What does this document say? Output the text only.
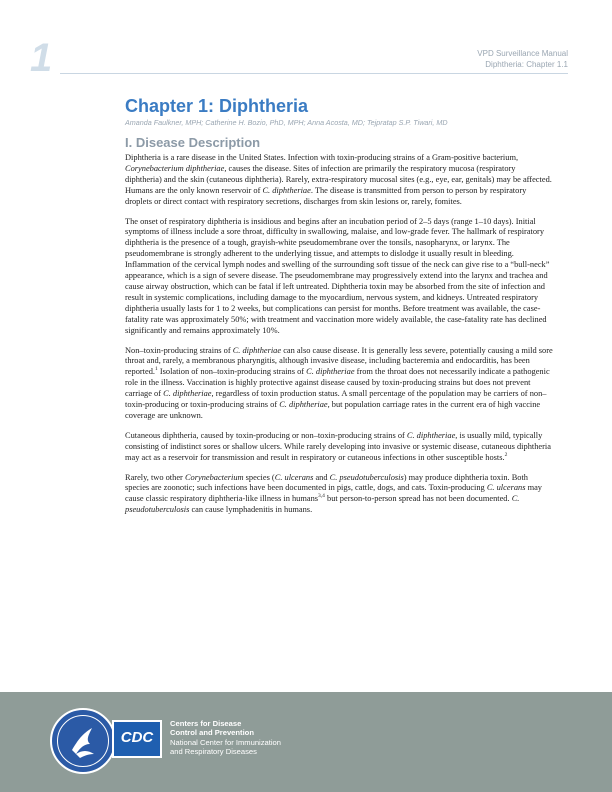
1	VPD Surveillance Manual
Diphtheria: Chapter 1.1
Chapter 1: Diphtheria
Amanda Faulkner, MPH; Catherine H. Bozio, PhD, MPH; Anna Acosta, MD; Tejpratap S.P. Tiwari, MD
I. Disease Description

Diphtheria is a rare disease in the United States. Infection with toxin-producing strains of a Gram-positive bacterium, Corynebacterium diphtheriae, causes the disease. Sites of infection are primarily the respiratory mucosa (respiratory diphtheria) and the skin (cutaneous diphtheria). Rarely, extra-respiratory mucosal sites (e.g., eye, ear, genitals) may be affected. Humans are the only known reservoir of C. diphtheriae. The disease is transmitted from person to person by respiratory droplets or direct contact with respiratory secretions, discharges from skin lesions or, rarely, fomites.

The onset of respiratory diphtheria is insidious and begins after an incubation period of 2–5 days (range 1–10 days). Initial symptoms of illness include a sore throat, difficulty in swallowing, malaise, and low-grade fever. The hallmark of respiratory diphtheria is the presence of a tough, grayish-white pseudomembrane over the tonsils, nasopharynx, or larynx. The pseudomembrane is strongly adherent to the underlying tissue, and attempts to dislodge it usually result in bleeding. Inflammation of the cervical lymph nodes and swelling of the surrounding soft tissue of the neck can give rise to a “bull-neck” appearance, which is a sign of severe disease. The pseudomembrane may progressively extend into the larynx and trachea and cause airway obstruction, which can be fatal if left untreated. Diphtheria toxin may be absorbed from the site of infection and result in systemic complications, including damage to the myocardium, nervous system, and kidneys. Untreated respiratory diphtheria usually lasts for 1 to 2 weeks, but complications can persist for months. Before treatment was available, the case-fatality rate was approximately 50%; with treatment and vaccination more widely available, the case-fatality rate has declined significantly and remains approximately 10%.

Non–toxin-producing strains of C. diphtheriae can also cause disease. It is generally less severe, potentially causing a mild sore throat and, rarely, a membranous pharyngitis, although invasive disease, including bacteremia and endocarditis, has been reported.$^1$ Isolation of non–toxin-producing strains of C. diphtheriae from the throat does not necessarily indicate a pathogenic role in the illness. Vaccination is highly protective against disease caused by toxin-producing strains but does not prevent carriage of C. diphtheriae, regardless of toxin production status. A small percentage of the population may be carriers of non–toxin-producing or toxin-producing strains of C. diphtheriae, but population carriage rates in the current era of high vaccine coverage are unknown.

Cutaneous diphtheria, caused by toxin-producing or non–toxin-producing strains of C. diphtheriae, is usually mild, typically consisting of indistinct sores or shallow ulcers. While rarely developing into invasive or systemic disease, cutaneous diphtheria may act as a reservoir for transmission and result in respiratory or cutaneous infections in other susceptible hosts.$^2$

Rarely, two other Corynebacterium species (C. ulcerans and C. pseudotuberculosis) may produce diphtheria toxin. Both species are zoonotic; such infections have been documented in pigs, cattle, dogs, and cats. Toxin-producing C. ulcerans may cause classic respiratory diphtheria-like illness in humans$^{3,4}$ but person-to-person spread has not been documented. C. pseudotuberculosis can cause lymphadenitis in humans.

CDC
Centers for Disease
Control and Prevention
National Center for Immunization
and Respiratory Diseases
